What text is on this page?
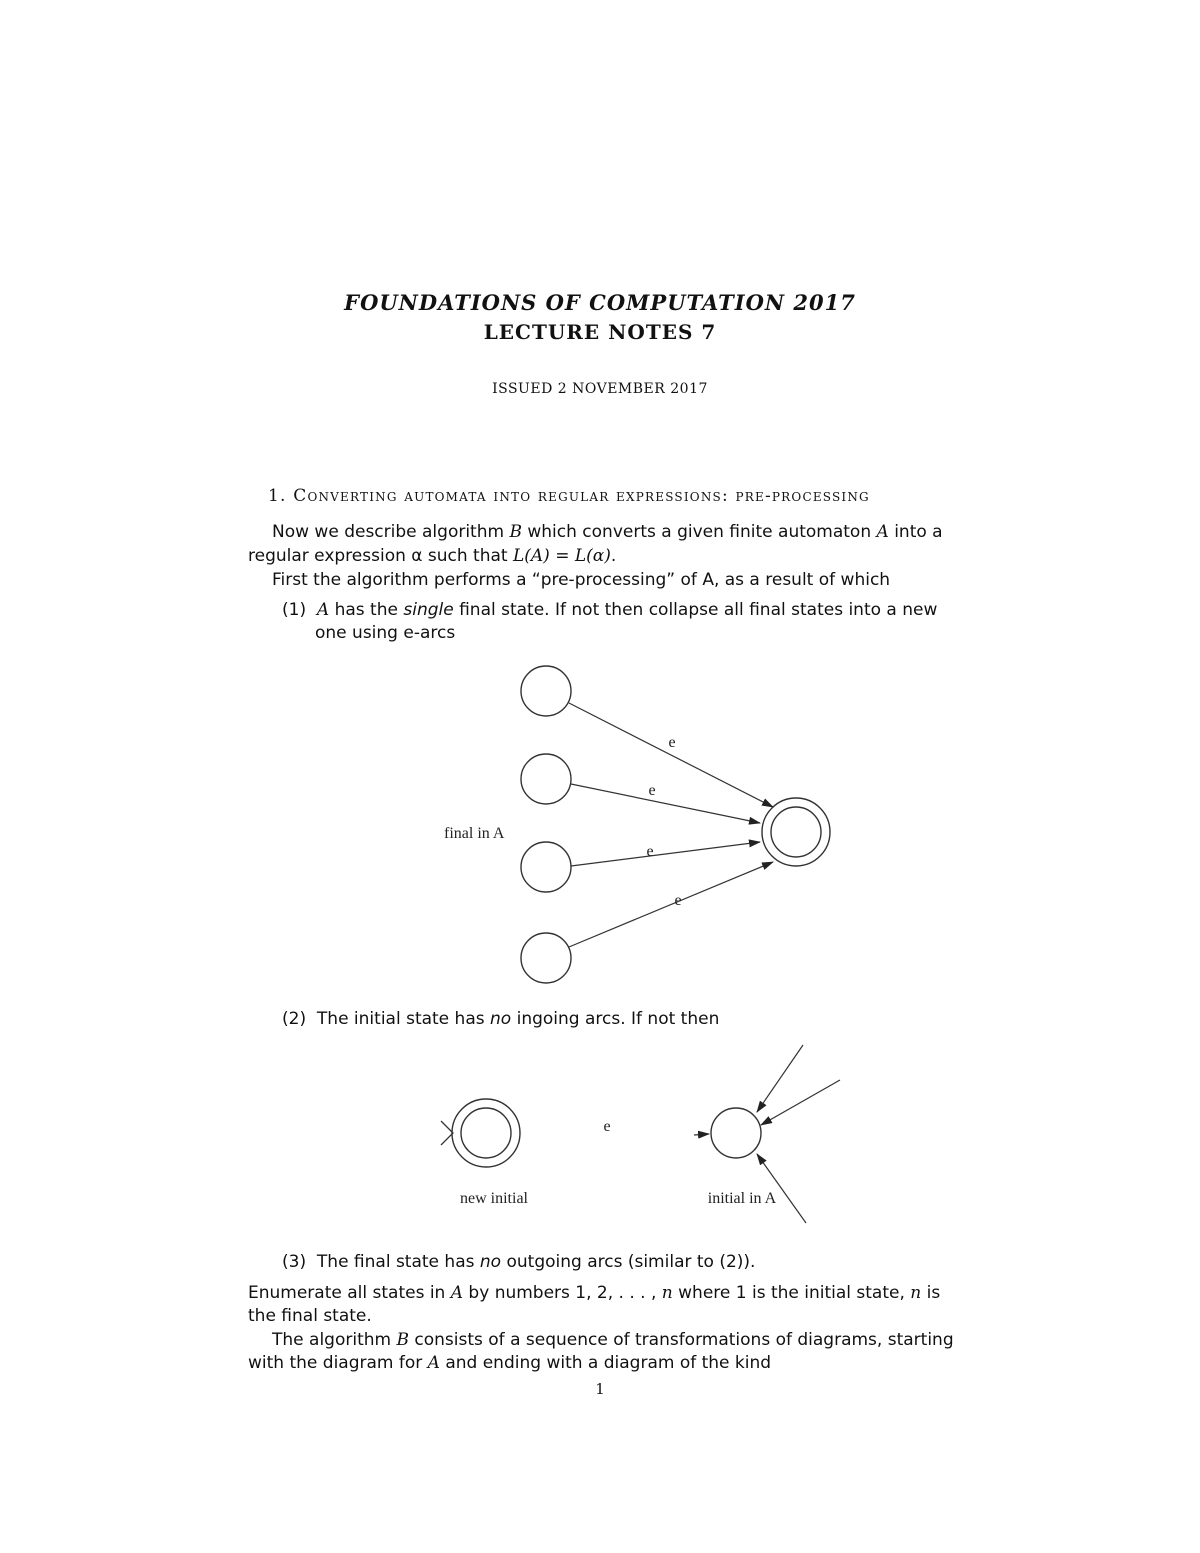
FOUNDATIONS OF COMPUTATION 2017
LECTURE NOTES 7
ISSUED 2 NOVEMBER 2017
1. Converting automata into regular expressions: pre-processing
Now we describe algorithm B which converts a given finite automaton A into a
regular expression α such that L(A) = L(α).
First the algorithm performs a “pre-processing” of A, as a result of which
(1) A has the single final state. If not then collapse all final states into a new
one using e-arcs
e
e
e
e
final in A
(2) The initial state has no ingoing arcs. If not then
e
new initial	initial in A
(3) The final state has no outgoing arcs (similar to (2)).
Enumerate all states in A by numbers 1, 2, . . . , n where 1 is the initial state, n is
the final state.
The algorithm B consists of a sequence of transformations of diagrams, starting
with the diagram for A and ending with a diagram of the kind
1
